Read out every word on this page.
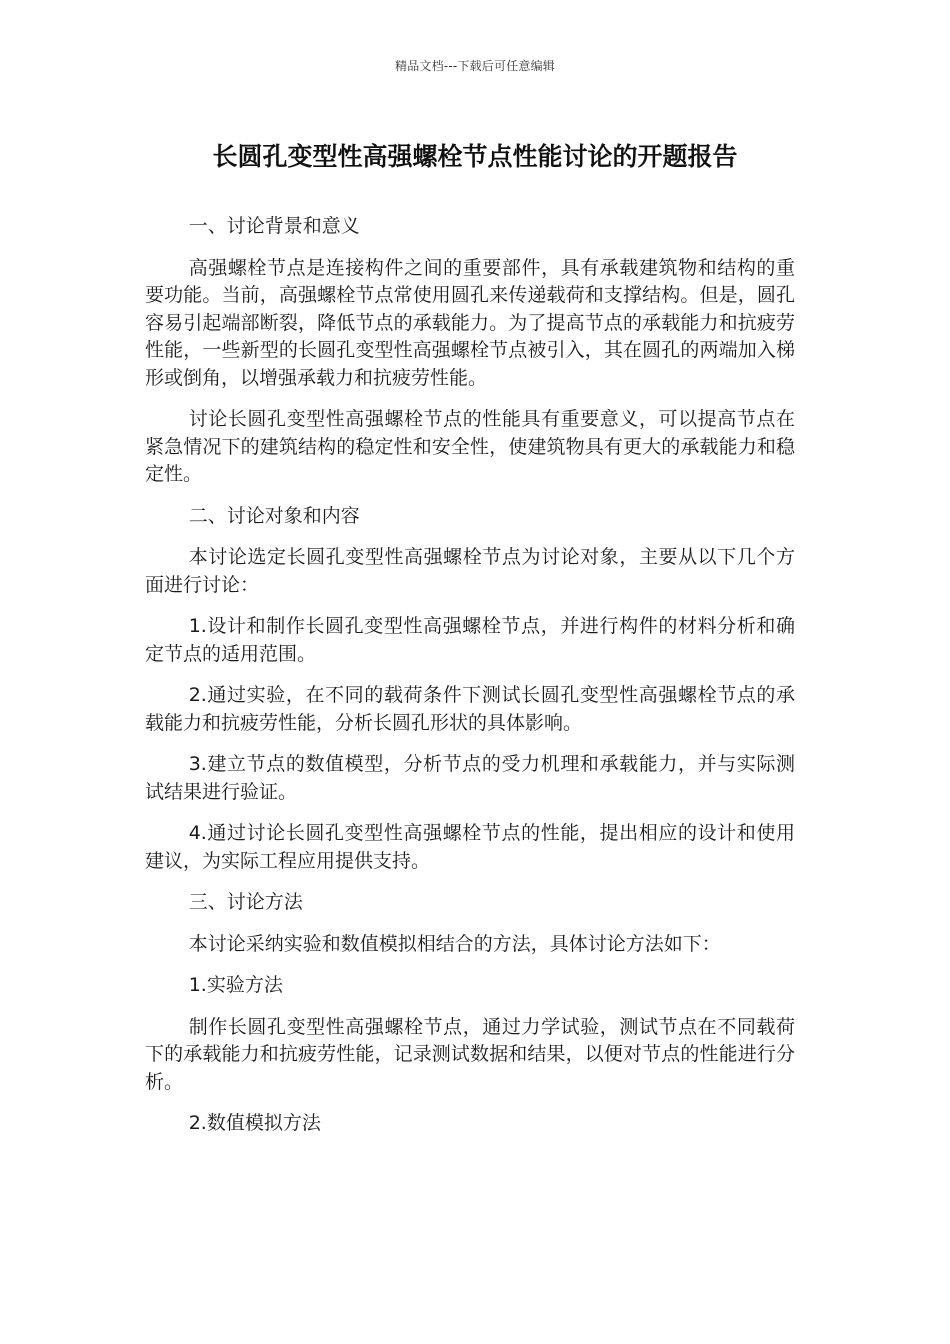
精品文档---下载后可任意编辑
长圆孔变型性高强螺栓节点性能讨论的开题报告

一、讨论背景和意义

高强螺栓节点是连接构件之间的重要部件，具有承载建筑物和结构的重要功能。当前，高强螺栓节点常使用圆孔来传递载荷和支撑结构。但是，圆孔容易引起端部断裂，降低节点的承载能力。为了提高节点的承载能力和抗疲劳性能，一些新型的长圆孔变型性高强螺栓节点被引入，其在圆孔的两端加入梯形或倒角，以增强承载力和抗疲劳性能。

讨论长圆孔变型性高强螺栓节点的性能具有重要意义，可以提高节点在紧急情况下的建筑结构的稳定性和安全性，使建筑物具有更大的承载能力和稳定性。

二、讨论对象和内容

本讨论选定长圆孔变型性高强螺栓节点为讨论对象，主要从以下几个方面进行讨论：

1.设计和制作长圆孔变型性高强螺栓节点，并进行构件的材料分析和确定节点的适用范围。

2.通过实验，在不同的载荷条件下测试长圆孔变型性高强螺栓节点的承载能力和抗疲劳性能，分析长圆孔形状的具体影响。

3.建立节点的数值模型，分析节点的受力机理和承载能力，并与实际测试结果进行验证。

4.通过讨论长圆孔变型性高强螺栓节点的性能，提出相应的设计和使用建议，为实际工程应用提供支持。

三、讨论方法

本讨论采纳实验和数值模拟相结合的方法，具体讨论方法如下：

1.实验方法

制作长圆孔变型性高强螺栓节点，通过力学试验，测试节点在不同载荷下的承载能力和抗疲劳性能，记录测试数据和结果，以便对节点的性能进行分析。

2.数值模拟方法
